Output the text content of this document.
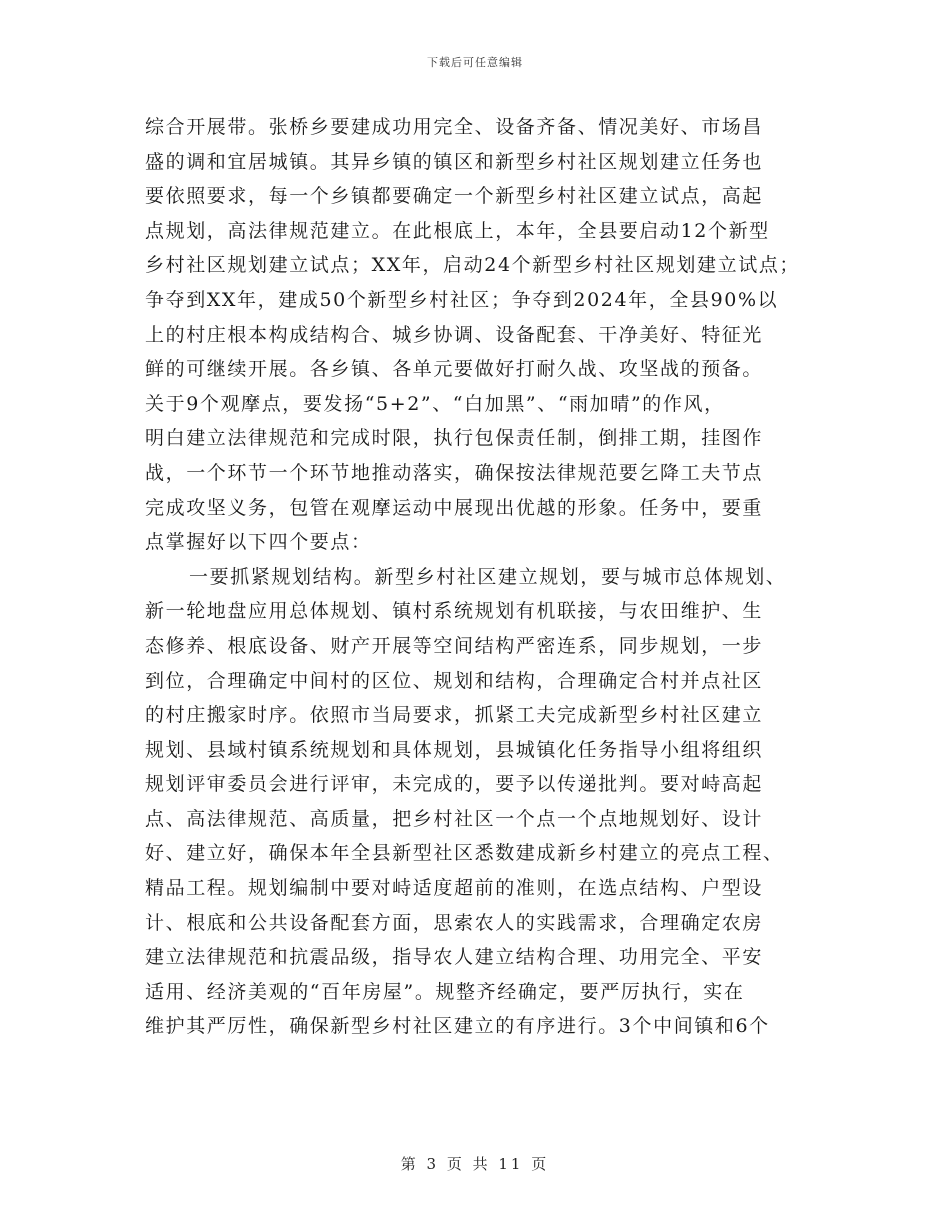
下载后可任意编辑
综合开展带。张桥乡要建成功用完全、设备齐备、情况美好、市场昌
盛的调和宜居城镇。其异乡镇的镇区和新型乡村社区规划建立任务也
要依照要求，每一个乡镇都要确定一个新型乡村社区建立试点，高起
点规划，高法律规范建立。在此根底上，本年，全县要启动12个新型
乡村社区规划建立试点；XX年，启动24个新型乡村社区规划建立试点；
争夺到XX年，建成50个新型乡村社区；争夺到2024年，全县90%以
上的村庄根本构成结构合、城乡协调、设备配套、干净美好、特征光
鲜的可继续开展。各乡镇、各单元要做好打耐久战、攻坚战的预备。
关于9个观摩点，要发扬“5+2”、“白加黑”、“雨加晴”的作风，
明白建立法律规范和完成时限，执行包保责任制，倒排工期，挂图作
战，一个环节一个环节地推动落实，确保按法律规范要乞降工夫节点
完成攻坚义务，包管在观摩运动中展现出优越的形象。任务中，要重
点掌握好以下四个要点：
一要抓紧规划结构。新型乡村社区建立规划，要与城市总体规划、
新一轮地盘应用总体规划、镇村系统规划有机联接，与农田维护、生
态修养、根底设备、财产开展等空间结构严密连系，同步规划，一步
到位，合理确定中间村的区位、规划和结构，合理确定合村并点社区
的村庄搬家时序。依照市当局要求，抓紧工夫完成新型乡村社区建立
规划、县域村镇系统规划和具体规划，县城镇化任务指导小组将组织
规划评审委员会进行评审，未完成的，要予以传递批判。要对峙高起
点、高法律规范、高质量，把乡村社区一个点一个点地规划好、设计
好、建立好，确保本年全县新型社区悉数建成新乡村建立的亮点工程、
精品工程。规划编制中要对峙适度超前的准则，在选点结构、户型设
计、根底和公共设备配套方面，思索农人的实践需求，合理确定农房
建立法律规范和抗震品级，指导农人建立结构合理、功用完全、平安
适用、经济美观的“百年房屋”。规整齐经确定，要严厉执行，实在
维护其严厉性，确保新型乡村社区建立的有序进行。3个中间镇和6个
第 3 页 共 11 页
